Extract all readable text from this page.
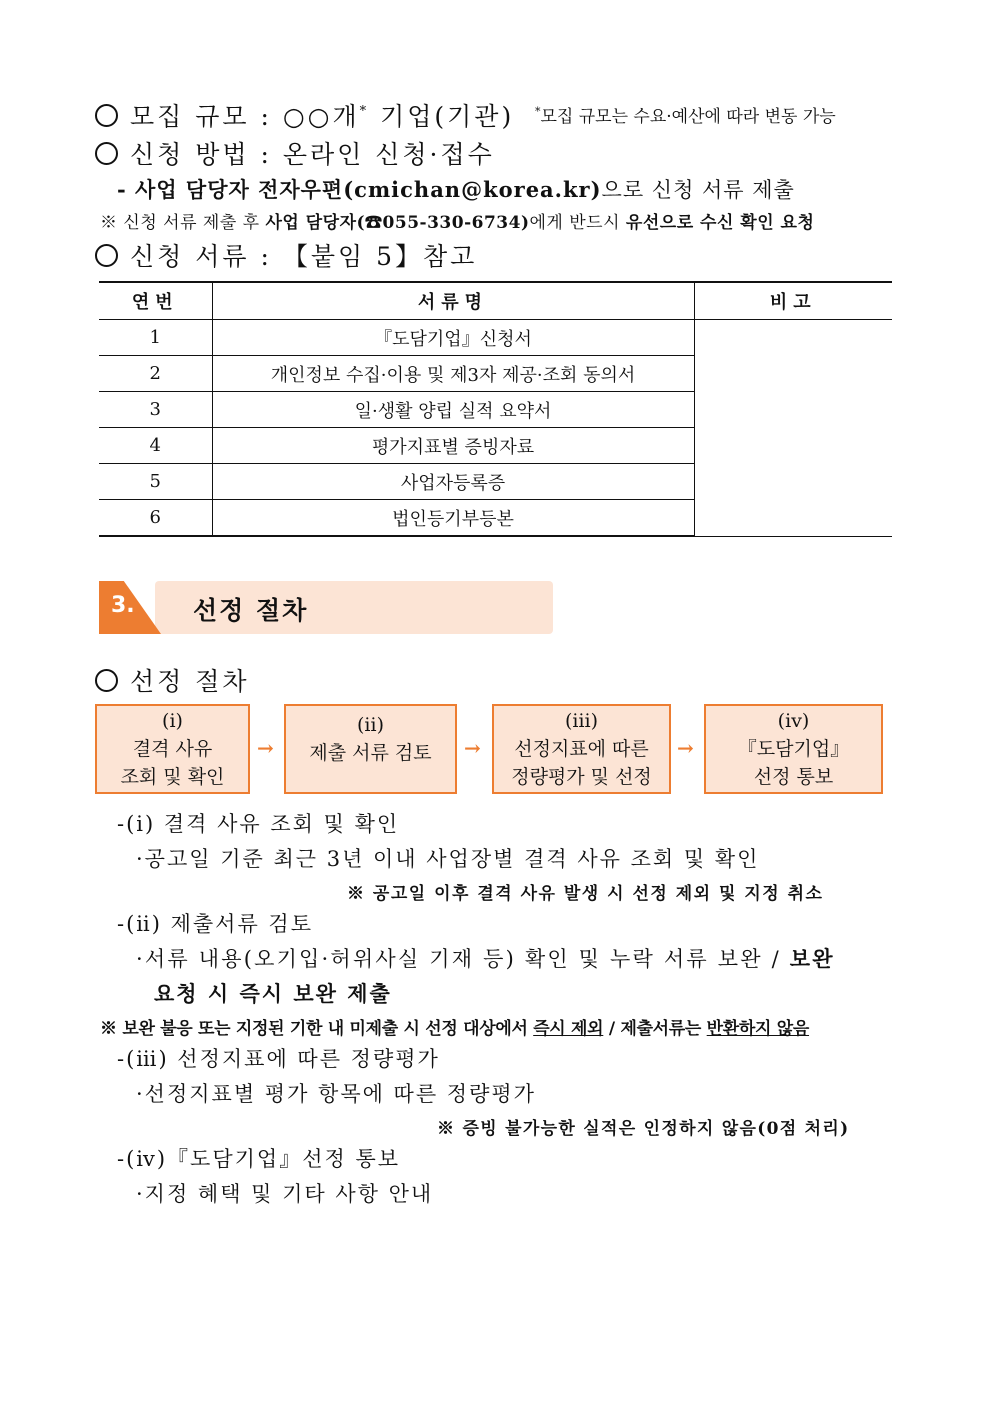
모집 규모 : ○○개* 기업(기관) *모집 규모는 수요·예산에 따라 변동 가능
신청 방법 : 온라인 신청·접수
- 사업 담당자 전자우편(cmichan@korea.kr)으로 신청 서류 제출
※ 신청 서류 제출 후 사업 담당자(☎055-330-6734)에게 반드시 유선으로 수신 확인 요청
신청 서류 : 【붙임 5】참고
연번	서류명	비고
1	『도담기업』신청서	
2	개인정보 수집·이용 및 제3자 제공·조회 동의서	
3	일·생활 양립 실적 요약서	
4	평가지표별 증빙자료	
5	사업자등록증	
6	법인등기부등본	
3. 선정 절차
선정 절차
(ⅰ)
결격 사유
조회 및 확인
→
(ⅱ)
제출 서류 검토 →
(ⅲ)
선정지표에 따른
정량평가 및 선정
→
(ⅳ)
『도담기업』
선정 통보
-(ⅰ) 결격 사유 조회 및 확인
·공고일 기준 최근 3년 이내 사업장별 결격 사유 조회 및 확인
※ 공고일 이후 결격 사유 발생 시 선정 제외 및 지정 취소
-(ⅱ) 제출서류 검토
·서류 내용(오기입·허위사실 기재 등) 확인 및 누락 서류 보완 / 보완
요청 시 즉시 보완 제출
※ 보완 불응 또는 지정된 기한 내 미제출 시 선정 대상에서 즉시 제외 / 제출서류는 반환하지 않음
-(ⅲ) 선정지표에 따른 정량평가
·선정지표별 평가 항목에 따른 정량평가
※ 증빙 불가능한 실적은 인정하지 않음(0점 처리)
-(ⅳ)『도담기업』선정 통보
·지정 혜택 및 기타 사항 안내
